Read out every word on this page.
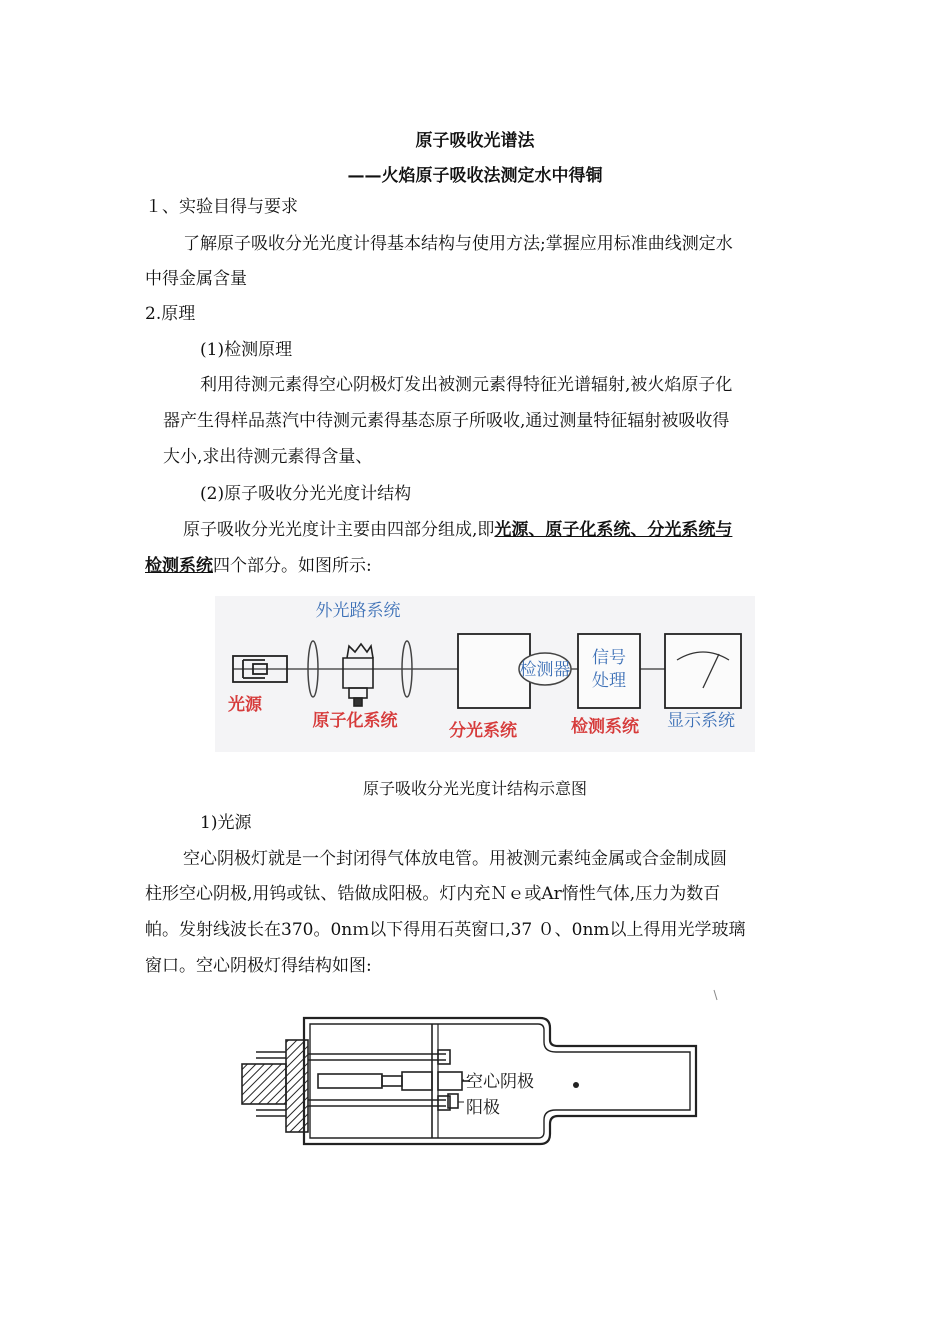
原子吸收光谱法
——火焰原子吸收法测定水中得铜
１、实验目得与要求
了解原子吸收分光光度计得基本结构与使用方法;掌握应用标准曲线测定水
中得金属含量
2.原理
(1)检测原理
利用待测元素得空心阴极灯发出被测元素得特征光谱辐射,被火焰原子化
器产生得样品蒸汽中待测元素得基态原子所吸收,通过测量特征辐射被吸收得
大小,求出待测元素得含量、
(2)原子吸收分光光度计结构
原子吸收分光光度计主要由四部分组成,即光源、原子化系统、分光系统与
检测系统四个部分。如图所示:
外光路系统
光源
原子化系统	分光系统
检测器
信号
处理
检测系统 显示系统
原子吸收分光光度计结构示意图
1)光源
空心阴极灯就是一个封闭得气体放电管。用被测元素纯金属或合金制成圆
柱形空心阴极,用钨或钛、锆做成阳极。灯内充Ｎｅ或Ar惰性气体,压力为数百
帕。发射线波长在370。0nｍ以下得用石英窗口,37 ０、0nm以上得用光学玻璃
窗口。空心阴极灯得结构如图:
空心阴极
阳极
